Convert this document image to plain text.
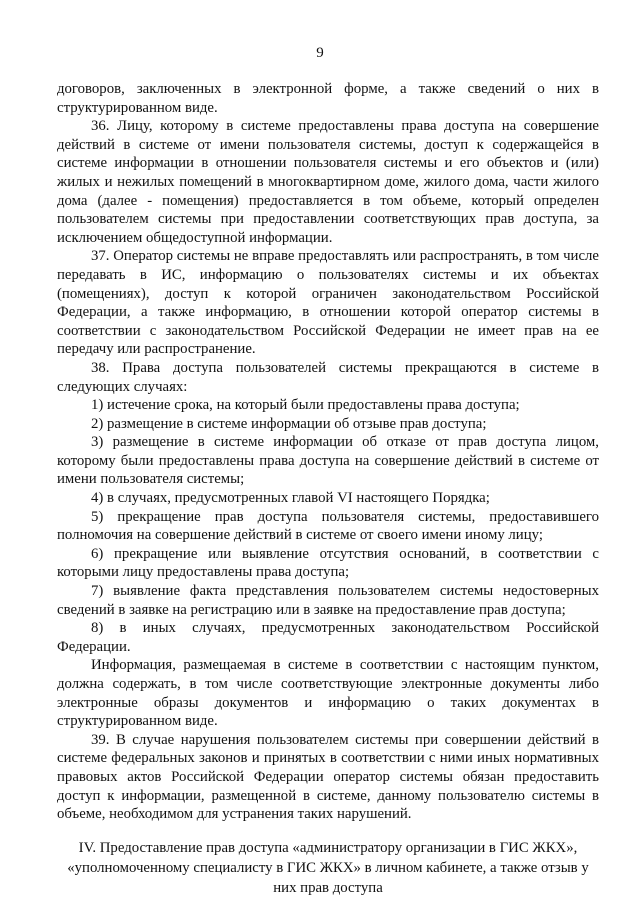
9

договоров, заключенных в электронной форме, а также сведений о них в структурированном виде.

36. Лицу, которому в системе предоставлены права доступа на совершение действий в системе от имени пользователя системы, доступ к содержащейся в системе информации в отношении пользователя системы и его объектов и (или) жилых и нежилых помещений в многоквартирном доме, жилого дома, части жилого дома (далее - помещения) предоставляется в том объеме, который определен пользователем системы при предоставлении соответствующих прав доступа, за исключением общедоступной информации.

37. Оператор системы не вправе предоставлять или распространять, в том числе передавать в ИС, информацию о пользователях системы и их объектах (помещениях), доступ к которой ограничен законодательством Российской Федерации, а также информацию, в отношении которой оператор системы в соответствии с законодательством Российской Федерации не имеет прав на ее передачу или распространение.

38. Права доступа пользователей системы прекращаются в системе в следующих случаях:

1) истечение срока, на который были предоставлены права доступа;

2) размещение в системе информации об отзыве прав доступа;

3) размещение в системе информации об отказе от прав доступа лицом, которому были предоставлены права доступа на совершение действий в системе от имени пользователя системы;

4) в случаях, предусмотренных главой VI настоящего Порядка;

5) прекращение прав доступа пользователя системы, предоставившего полномочия на совершение действий в системе от своего имени иному лицу;

6) прекращение или выявление отсутствия оснований, в соответствии с которыми лицу предоставлены права доступа;

7) выявление факта представления пользователем системы недостоверных сведений в заявке на регистрацию или в заявке на предоставление прав доступа;

8) в иных случаях, предусмотренных законодательством Российской Федерации.

Информация, размещаемая в системе в соответствии с настоящим пунктом, должна содержать, в том числе соответствующие электронные документы либо электронные образы документов и информацию о таких документах в структурированном виде.

39. В случае нарушения пользователем системы при совершении действий в системе федеральных законов и принятых в соответствии с ними иных нормативных правовых актов Российской Федерации оператор системы обязан предоставить доступ к информации, размещенной в системе, данному пользователю системы в объеме, необходимом для устранения таких нарушений.

IV. Предоставление прав доступа «администратору организации в ГИС ЖКХ», «уполномоченному специалисту в ГИС ЖКХ» в личном кабинете, а также отзыв у них прав доступа
